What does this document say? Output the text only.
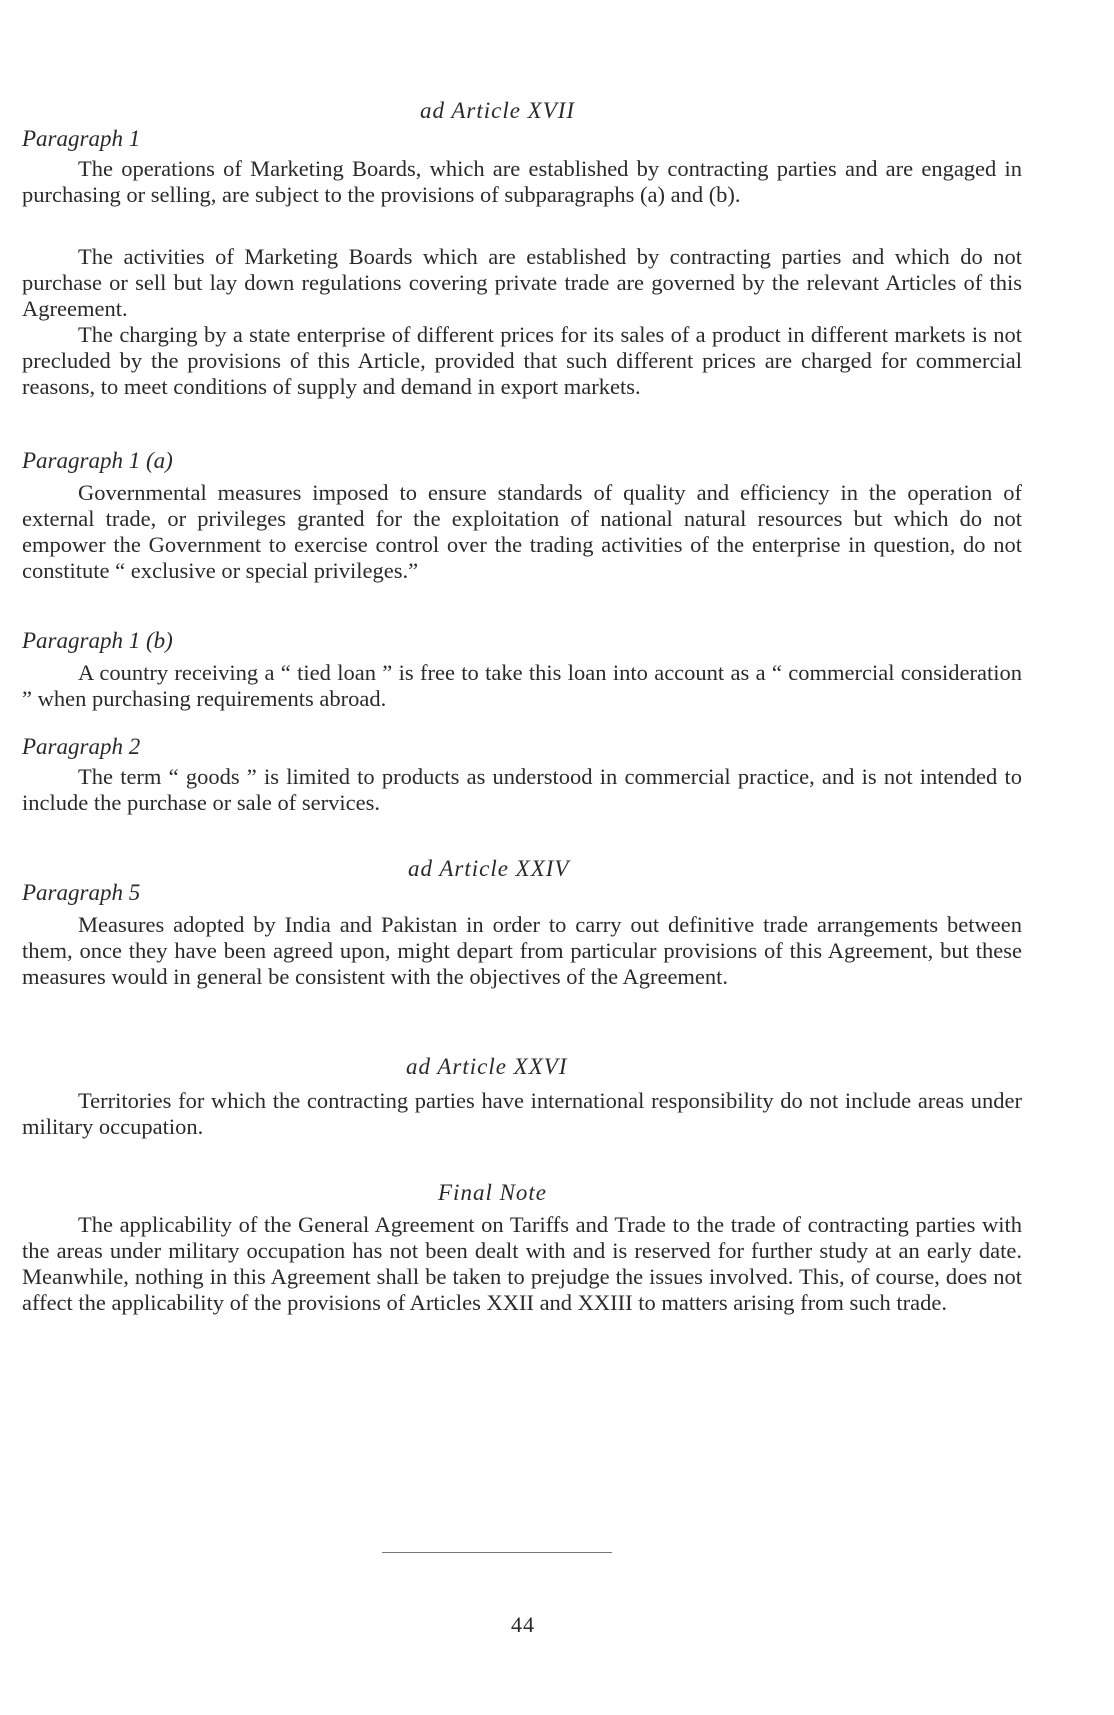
ad Article XVII
Paragraph 1
The operations of Marketing Boards, which are established by contracting parties and are engaged in purchasing or selling, are subject to the provisions of subparagraphs (a) and (b).
The activities of Marketing Boards which are established by contracting parties and which do not purchase or sell but lay down regulations covering private trade are governed by the relevant Articles of this Agreement.
The charging by a state enterprise of different prices for its sales of a product in different markets is not precluded by the provisions of this Article, provided that such different prices are charged for commercial reasons, to meet conditions of supply and demand in export markets.
Paragraph 1 (a)
Governmental measures imposed to ensure standards of quality and efficiency in the operation of external trade, or privileges granted for the exploitation of national natural resources but which do not empower the Government to exercise control over the trading activities of the enterprise in question, do not constitute “ exclusive or special privileges.”
Paragraph 1 (b)
A country receiving a “ tied loan ” is free to take this loan into account as a “ commercial consideration ” when purchasing requirements abroad.
Paragraph 2
The term “ goods ” is limited to products as understood in commercial practice, and is not intended to include the purchase or sale of services.
ad Article XXIV
Paragraph 5
Measures adopted by India and Pakistan in order to carry out definitive trade arrangements between them, once they have been agreed upon, might depart from particular provisions of this Agreement, but these measures would in general be consistent with the objectives of the Agreement.
ad Article XXVI
Territories for which the contracting parties have international responsibility do not include areas under military occupation.
Final Note
The applicability of the General Agreement on Tariffs and Trade to the trade of contracting parties with the areas under military occupation has not been dealt with and is reserved for further study at an early date. Meanwhile, nothing in this Agreement shall be taken to prejudge the issues involved. This, of course, does not affect the applicability of the provisions of Articles XXII and XXIII to matters arising from such trade.
44
